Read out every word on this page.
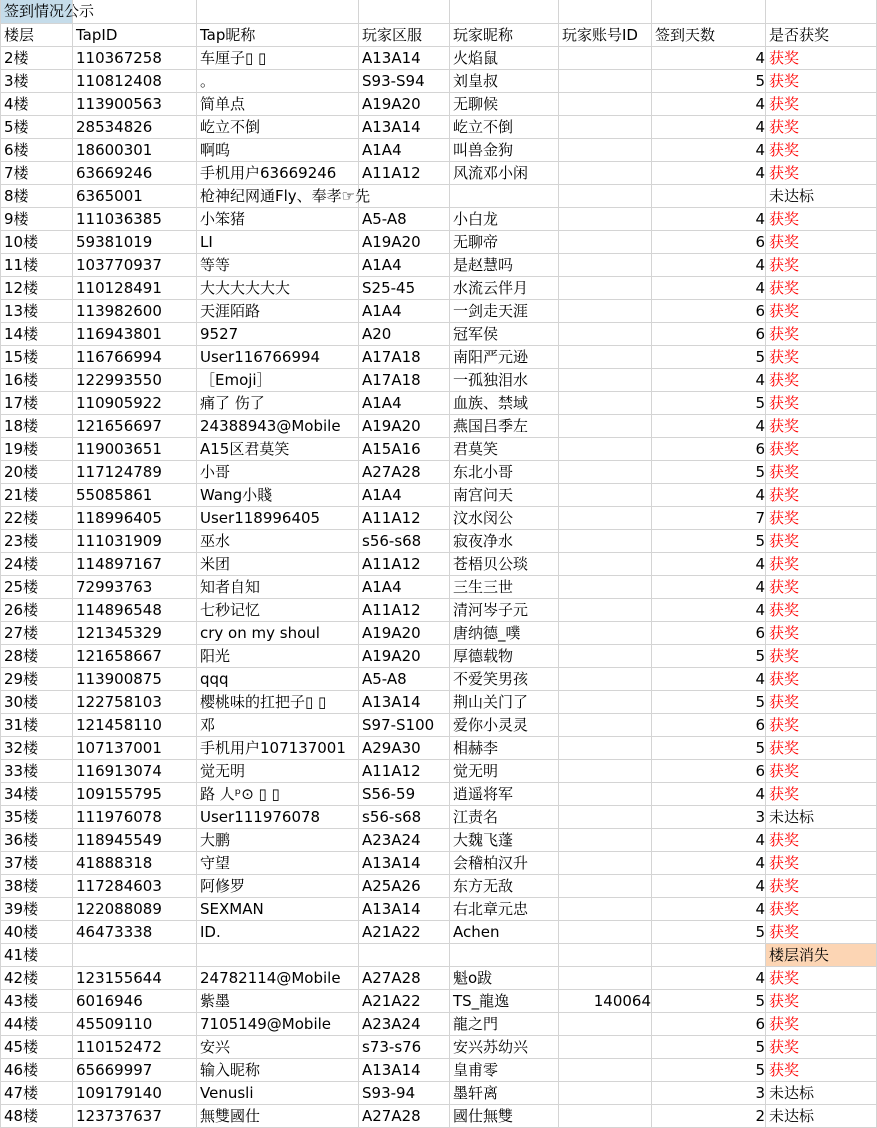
签到情况公示							
楼层	TapID	Tap昵称	玩家区服	玩家昵称	玩家账号ID	签到天数	是否获奖
2楼	110367258	车厘子▯ ▯	A13A14	火焰鼠		4	获奖
3楼	110812408	。	S93-S94	刘皇叔		5	获奖
4楼	113900563	简单点	A19A20	无聊候		4	获奖
5楼	28534826	屹立不倒	A13A14	屹立不倒		4	获奖
6楼	18600301	啊呜	A1A4	叫兽金狗		4	获奖
7楼	63669246	手机用户63669246	A11A12	风流邓小闲		4	获奖
8楼	6365001	枪神纪网通Fly、奉孝☞先					未达标
9楼	111036385	小笨猪	A5-A8	小白龙		4	获奖
10楼	59381019	LI	A19A20	无聊帝		6	获奖
11楼	103770937	等等	A1A4	是赵慧吗		4	获奖
12楼	110128491	大大大大大大	S25-45	水流云伴月		4	获奖
13楼	113982600	天涯陌路	A1A4	一剑走天涯		6	获奖
14楼	116943801	9527	A20	冠军侯		6	获奖
15楼	116766994	User116766994	A17A18	南阳严元逊		5	获奖
16楼	122993550	［Emoji］	A17A18	一孤独泪水		4	获奖
17楼	110905922	痛了 伤了	A1A4	血族、禁域		5	获奖
18楼	121656697	24388943@Mobile	A19A20	燕国吕季左		4	获奖
19楼	119003651	A15区君莫笑	A15A16	君莫笑		6	获奖
20楼	117124789	小哥	A27A28	东北小哥		5	获奖
21楼	55085861	Wang小賤	A1A4	南宫问天		4	获奖
22楼	118996405	User118996405	A11A12	汶水闵公		7	获奖
23楼	111031909	巫水	s56-s68	寂夜净水		5	获奖
24楼	114897167	米团	A11A12	苍梧贝公琰		4	获奖
25楼	72993763	知者自知	A1A4	三生三世		4	获奖
26楼	114896548	七秒记忆	A11A12	清河岑子元		4	获奖
27楼	121345329	cry on my shoul	A19A20	唐纳德_噗		6	获奖
28楼	121658667	阳光	A19A20	厚德载物		5	获奖
29楼	113900875	qqq	A5-A8	不爱笑男孩		4	获奖
30楼	122758103	樱桃味的扛把子▯ ▯	A13A14	荆山关门了		5	获奖
31楼	121458110	邓	S97-S100	爱你小灵灵		6	获奖
32楼	107137001	手机用户107137001	A29A30	相赫李		5	获奖
33楼	116913074	觉无明	A11A12	觉无明		6	获奖
34楼	109155795	路 人ᵖ⊙ ▯ ▯	S56-59	逍遥将军		4	获奖
35楼	111976078	User111976078	s56-s68	江责名		3	未达标
36楼	118945549	大鹏	A23A24	大魏飞蓬		4	获奖
37楼	41888318	守望	A13A14	会稽柏汉升		4	获奖
38楼	117284603	阿修罗	A25A26	东方无敌		4	获奖
39楼	122088089	SEXMAN	A13A14	右北章元忠		4	获奖
40楼	46473338	ID.	A21A22	Achen		5	获奖
41楼							楼层消失
42楼	123155644	24782114@Mobile	A27A28	魁o跋		4	获奖
43楼	6016946	紫墨	A21A22	TS_龍逸	140064	5	获奖
44楼	45509110	7105149@Mobile	A23A24	龍之門		6	获奖
45楼	110152472	安兴	s73-s76	安兴苏幼兴		5	获奖
46楼	65669997	输入昵称	A13A14	皇甫零		5	获奖
47楼	109179140	Venusli	S93-94	墨轩离		3	未达标
48楼	123737637	無雙國仕	A27A28	國仕無雙		2	未达标
